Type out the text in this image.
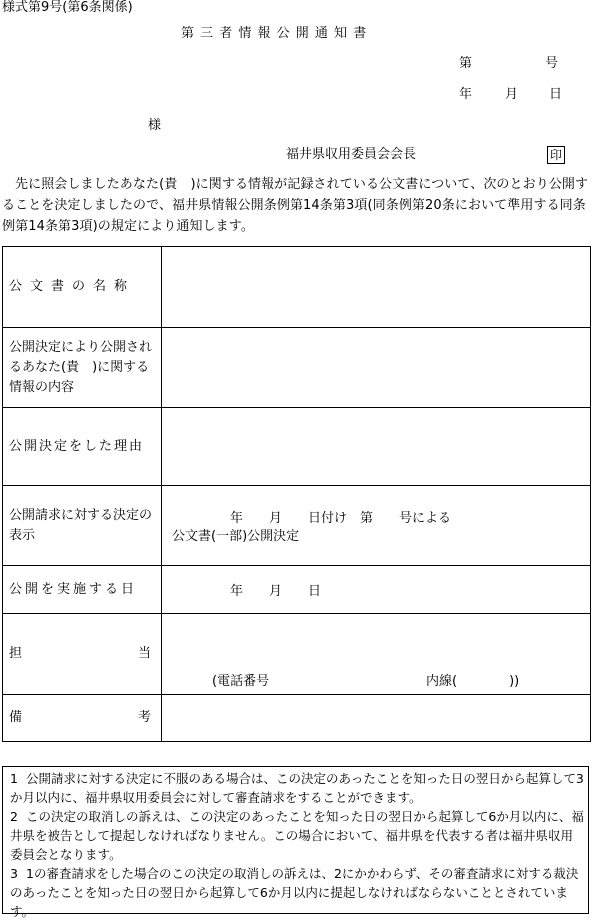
様式第9号(第6条関係)
第 三 者 情 報 公 開 通 知 書
第	号
年	月 日
様
福井県収用委員会会長	印
先に照会しましたあなた(貴　)に関する情報が記録されている公文書について、次のとおり公開することを決定しましたので、福井県情報公開条例第14条第3項(同条例第20条において準用する同条例第14条第3項)の規定により通知します。
公文書の名称	

公開決定により公開されるあなた(貴　)に関する情報の内容	
公開決定をした理由	
公開請求に対する決定の表示	年　　月　　日付け　第　　号による
公文書(一部)公開決定

公開を実施する日	年　　月　　日

担 当	(電話番号 内線(　　　　))

備 考	

1 公開請求に対する決定に不服のある場合は、この決定のあったことを知った日の翌日から起算して3か月以内に、福井県収用委員会に対して審査請求をすることができます。

2 この決定の取消しの訴えは、この決定のあったことを知った日の翌日から起算して6か月以内に、福井県を被告として提起しなければなりません。この場合において、福井県を代表する者は福井県収用委員会となります。

3 1の審査請求をした場合のこの決定の取消しの訴えは、2にかかわらず、その審査請求に対する裁決のあったことを知った日の翌日から起算して6か月以内に提起しなければならないこととされています。
